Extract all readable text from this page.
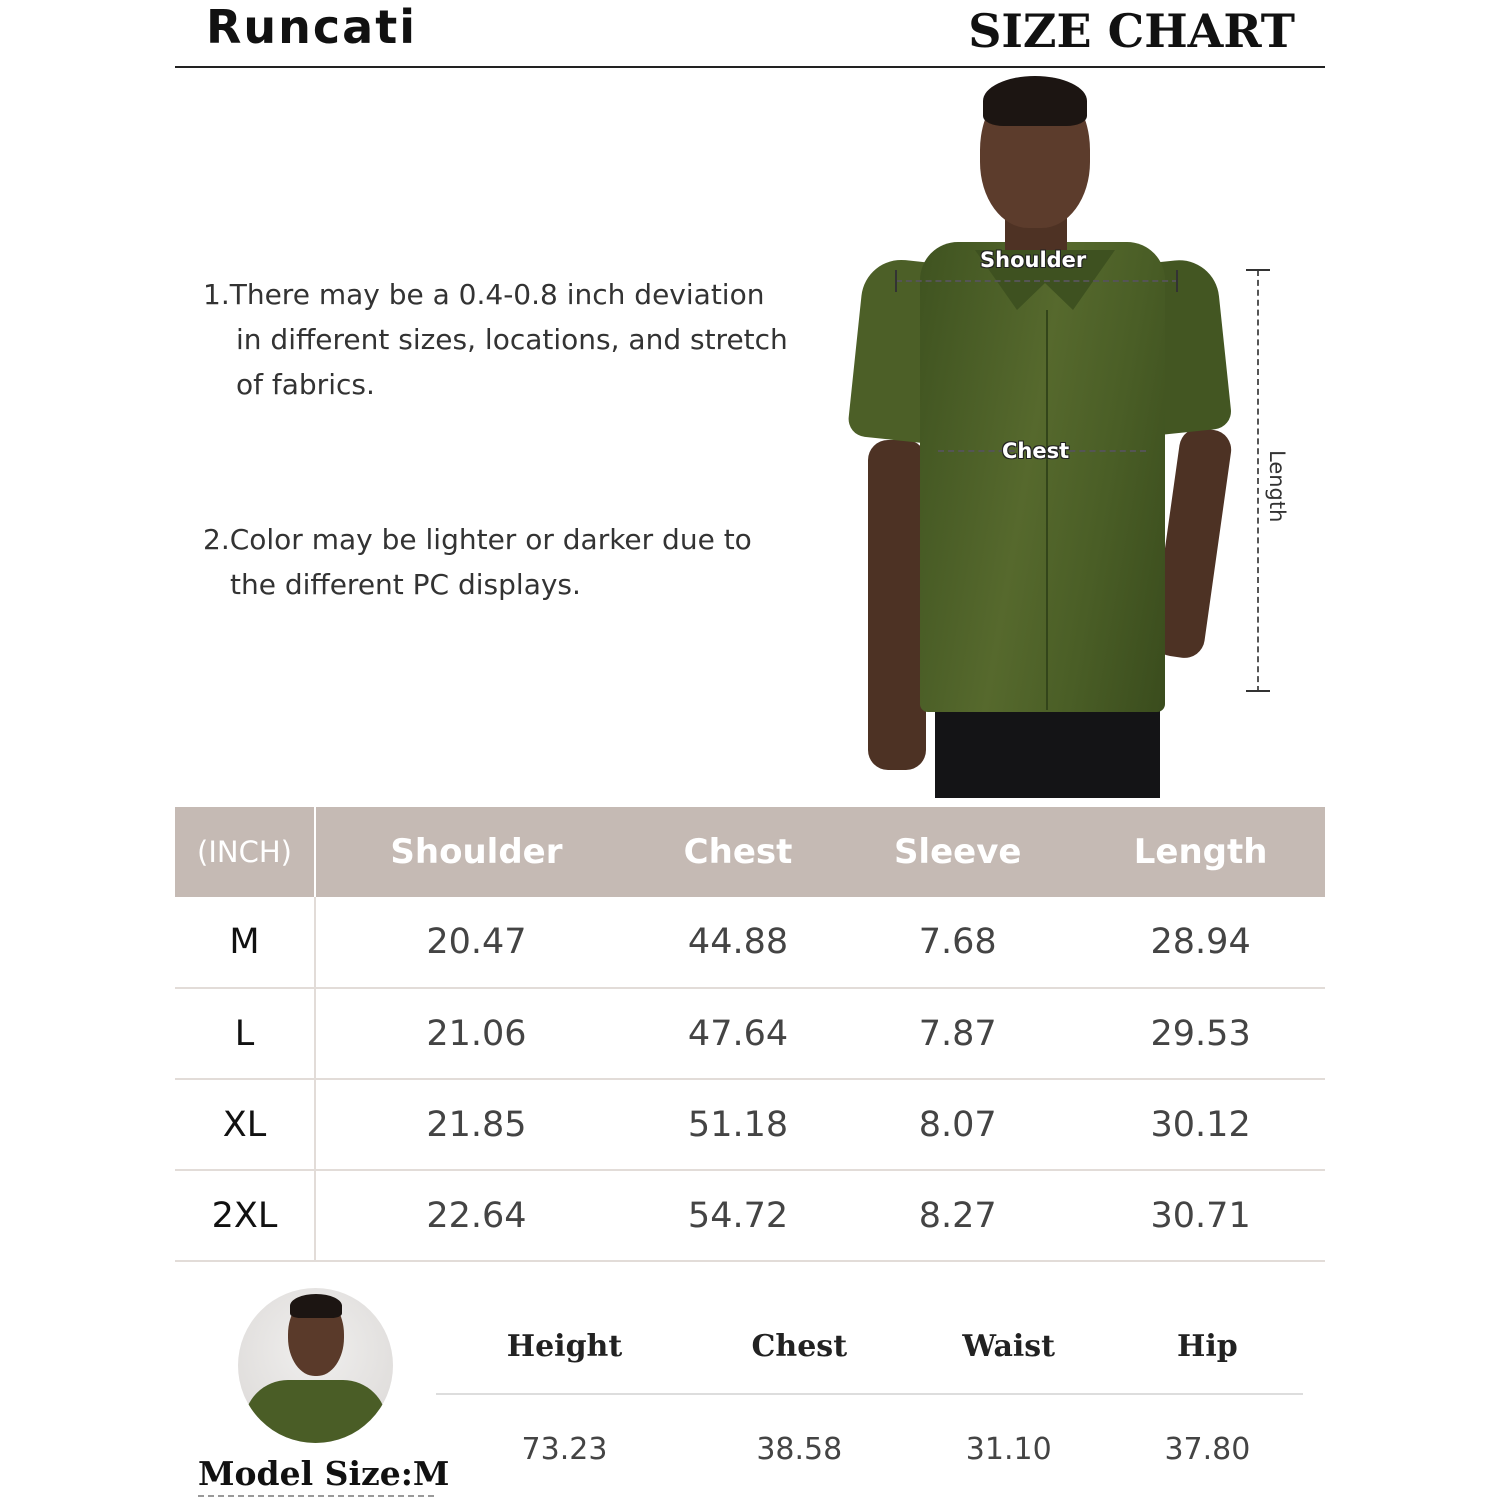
Runcati	SIZE CHART
1.There may be a 0.4-0.8 inch deviation
in different sizes, locations, and stretch
of fabrics.
2.Color may be lighter or darker due to
the different PC displays.
Shoulder
Chest	Length
(INCH)	Shoulder	Chest	Sleeve	Length
M	20.47	44.88	7.68	28.94
L	21.06	47.64	7.87	29.53
XL	21.85	51.18	8.07	30.12
2XL	22.64	54.72	8.27	30.71
Model Size:M
Height	Chest	Waist	Hip
73.23	38.58	31.10	37.80
